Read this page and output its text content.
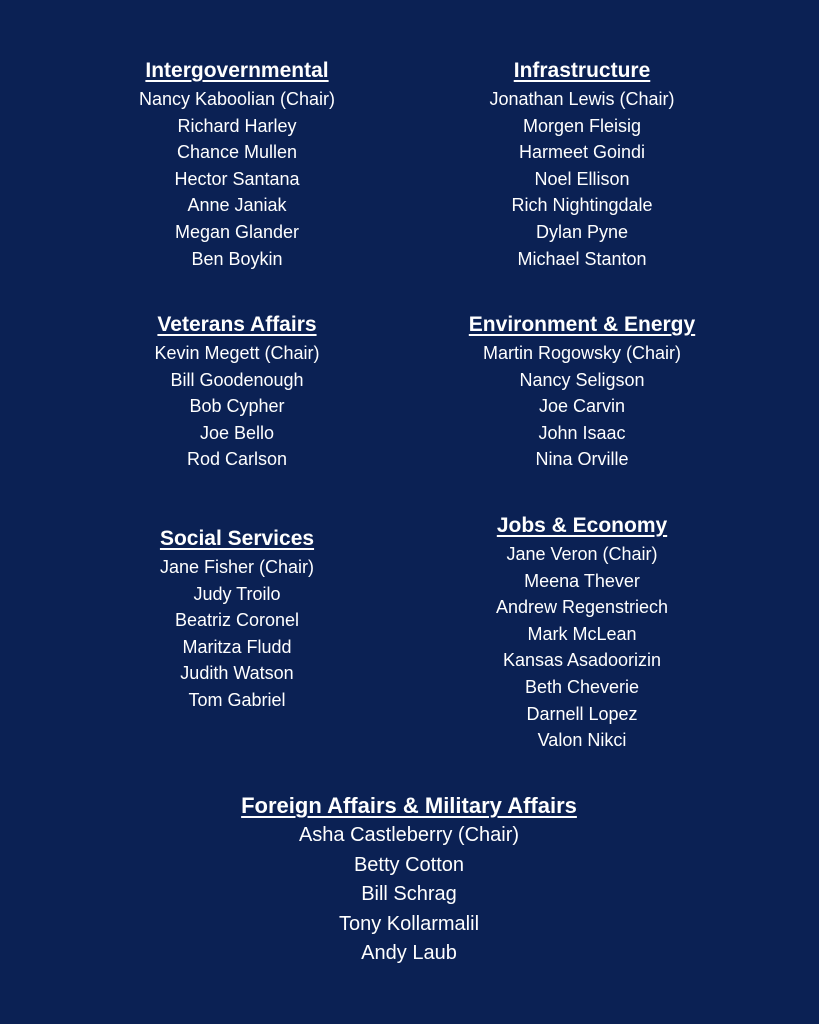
Intergovernmental
Nancy Kaboolian (Chair)
Richard Harley
Chance Mullen
Hector Santana
Anne Janiak
Megan Glander
Ben Boykin
Infrastructure
Jonathan Lewis (Chair)
Morgen Fleisig
Harmeet Goindi
Noel Ellison
Rich Nightingdale
Dylan Pyne
Michael Stanton
Veterans Affairs
Kevin Megett (Chair)
Bill Goodenough
Bob Cypher
Joe Bello
Rod Carlson
Environment & Energy
Martin Rogowsky (Chair)
Nancy Seligson
Joe Carvin
John Isaac
Nina Orville
Social Services
Jane Fisher (Chair)
Judy Troilo
Beatriz Coronel
Maritza Fludd
Judith Watson
Tom Gabriel
Jobs & Economy
Jane Veron (Chair)
Meena Thever
Andrew Regenstriech
Mark McLean
Kansas Asadoorizin
Beth Cheverie
Darnell Lopez
Valon Nikci
Foreign Affairs & Military Affairs
Asha Castleberry (Chair)
Betty Cotton
Bill Schrag
Tony Kollarmalil
Andy Laub
